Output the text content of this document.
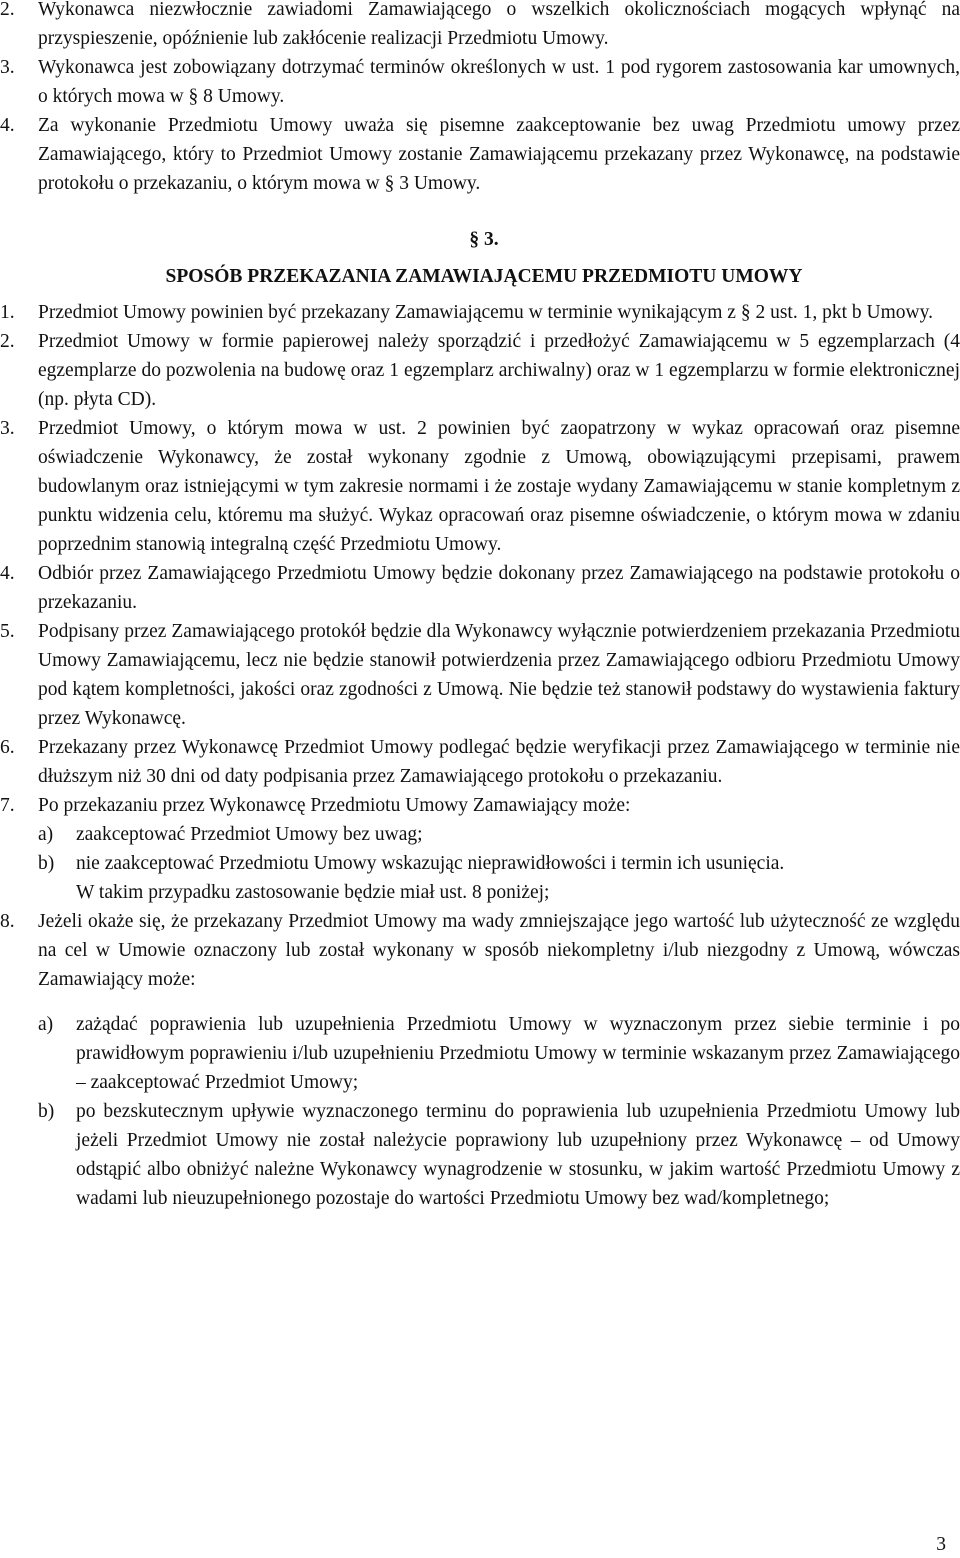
2.	Wykonawca niezwłocznie zawiadomi Zamawiającego o wszelkich okolicznościach mogących wpłynąć na przyspieszenie, opóźnienie lub zakłócenie realizacji Przedmiotu Umowy.
3.	Wykonawca jest zobowiązany dotrzymać terminów określonych w ust. 1 pod rygorem zastosowania kar umownych, o których mowa w § 8 Umowy.
4.	Za wykonanie Przedmiotu Umowy uważa się pisemne zaakceptowanie bez uwag Przedmiotu umowy przez Zamawiającego, który to Przedmiot Umowy zostanie Zamawiającemu przekazany przez Wykonawcę, na podstawie protokołu o przekazaniu, o którym mowa w § 3 Umowy.
§ 3.
SPOSÓB PRZEKAZANIA ZAMAWIAJĄCEMU PRZEDMIOTU UMOWY
1.	Przedmiot Umowy powinien być przekazany Zamawiającemu w terminie wynikającym z § 2 ust. 1, pkt b Umowy.
2.	Przedmiot Umowy w formie papierowej należy sporządzić i przedłożyć Zamawiającemu w 5 egzemplarzach (4 egzemplarze do pozwolenia na budowę oraz 1 egzemplarz archiwalny) oraz w 1 egzemplarzu w formie elektronicznej (np. płyta CD).
3.	Przedmiot Umowy, o którym mowa w ust. 2 powinien być zaopatrzony w wykaz opracowań oraz pisemne oświadczenie Wykonawcy, że został wykonany zgodnie z Umową, obowiązującymi przepisami, prawem budowlanym oraz istniejącymi w tym zakresie normami i że zostaje wydany Zamawiającemu w stanie kompletnym z punktu widzenia celu, któremu ma służyć. Wykaz opracowań oraz pisemne oświadczenie, o którym mowa w zdaniu poprzednim stanowią integralną część Przedmiotu Umowy.
4.	Odbiór przez Zamawiającego Przedmiotu Umowy będzie dokonany przez Zamawiającego na podstawie protokołu o przekazaniu.
5.	Podpisany przez Zamawiającego protokół będzie dla Wykonawcy wyłącznie potwierdzeniem przekazania Przedmiotu Umowy Zamawiającemu, lecz nie będzie stanowił potwierdzenia przez Zamawiającego odbioru Przedmiotu Umowy pod kątem kompletności, jakości oraz zgodności z Umową. Nie będzie też stanowił podstawy do wystawienia faktury przez Wykonawcę.
6.	Przekazany przez Wykonawcę Przedmiot Umowy podlegać będzie weryfikacji przez Zamawiającego w terminie nie dłuższym niż 30 dni od daty podpisania przez Zamawiającego protokołu o przekazaniu.
7.	Po przekazaniu przez Wykonawcę Przedmiotu Umowy Zamawiający może:
a) zaakceptować Przedmiot Umowy bez uwag;
b) nie zaakceptować Przedmiotu Umowy wskazując nieprawidłowości i termin ich usunięcia.
W takim przypadku zastosowanie będzie miał ust. 8 poniżej;
8.	Jeżeli okaże się, że przekazany Przedmiot Umowy ma wady zmniejszające jego wartość lub użyteczność ze względu na cel w Umowie oznaczony lub został wykonany w sposób niekompletny i/lub niezgodny z Umową, wówczas Zamawiający może:
a) zażądać poprawienia lub uzupełnienia Przedmiotu Umowy w wyznaczonym przez siebie terminie i po prawidłowym poprawieniu i/lub uzupełnieniu Przedmiotu Umowy w terminie wskazanym przez Zamawiającego – zaakceptować Przedmiot Umowy;
b) po bezskutecznym upływie wyznaczonego terminu do poprawienia lub uzupełnienia Przedmiotu Umowy lub jeżeli Przedmiot Umowy nie został należycie poprawiony lub uzupełniony przez Wykonawcę – od Umowy odstąpić albo obniżyć należne Wykonawcy wynagrodzenie w stosunku, w jakim wartość Przedmiotu Umowy z wadami lub nieuzupełnionego pozostaje do wartości Przedmiotu Umowy bez wad/kompletnego;
3
